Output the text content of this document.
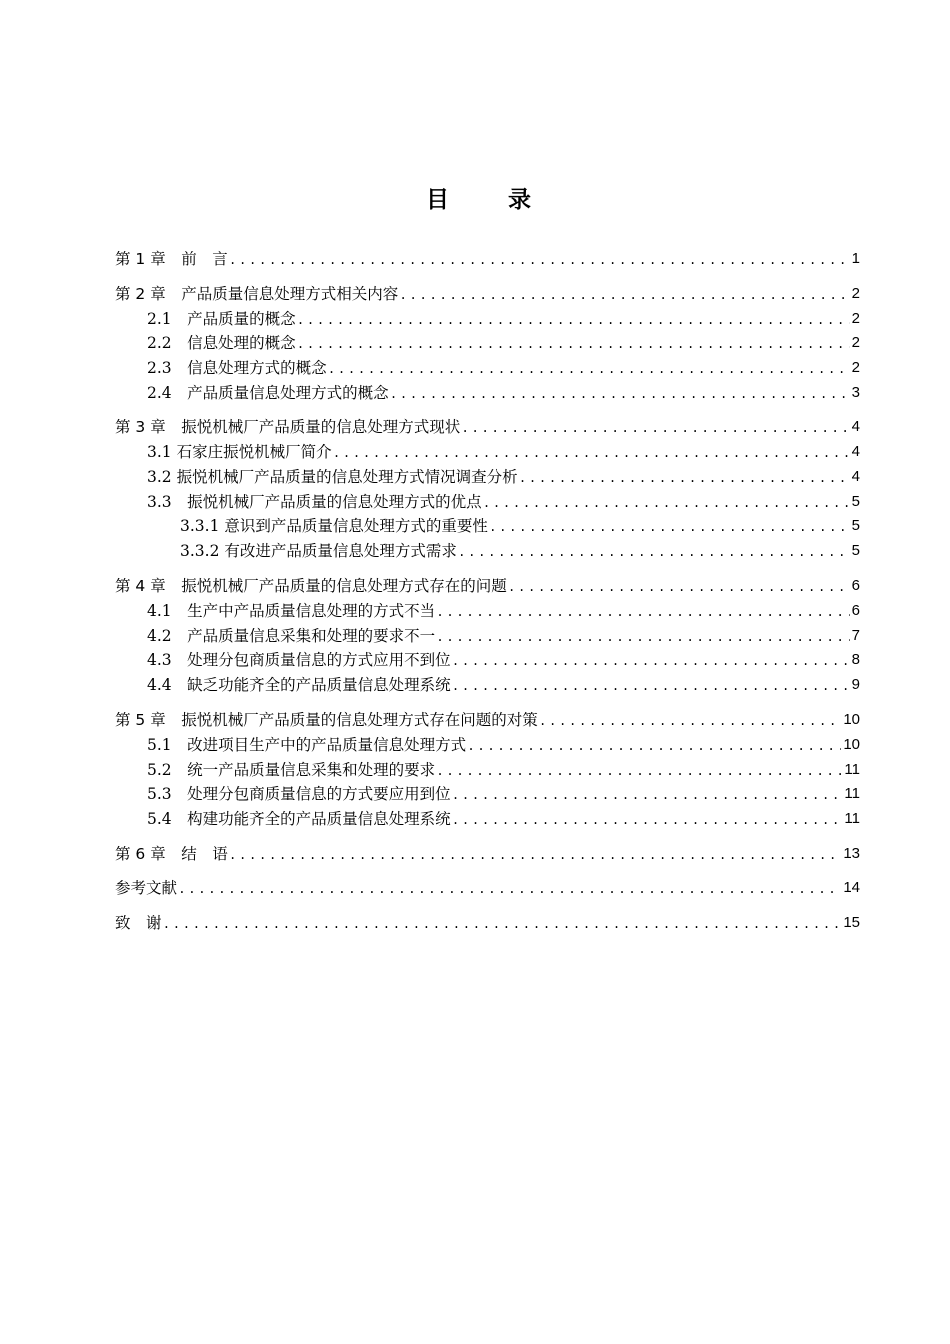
目　录
第 1 章　前　言 .....	1
第 2 章　产品质量信息处理方式相关内容 .....	2
2.1　产品质量的概念 .....	2
2.2　信息处理的概念 .....	2
2.3　信息处理方式的概念 .....	2
2.4　产品质量信息处理方式的概念 .....	3
第 3 章　振悦机械厂产品质量的信息处理方式现状 .....	4
3.1 石家庄振悦机械厂简介 .....	4
3.2 振悦机械厂产品质量的信息处理方式情况调查分析 .....	4
3.3　振悦机械厂产品质量的信息处理方式的优点 .....	5
3.3.1 意识到产品质量信息处理方式的重要性 .....	5
3.3.2 有改进产品质量信息处理方式需求 .....	5
第 4 章　振悦机械厂产品质量的信息处理方式存在的问题 .....	6
4.1　生产中产品质量信息处理的方式不当 .....	6
4.2　产品质量信息采集和处理的要求不一 .....	7
4.3　处理分包商质量信息的方式应用不到位 .....	8
4.4　缺乏功能齐全的产品质量信息处理系统 .....	9
第 5 章　振悦机械厂产品质量的信息处理方式存在问题的对策 .....	10
5.1　改进项目生产中的产品质量信息处理方式 .....	10
5.2　统一产品质量信息采集和处理的要求 .....	11
5.3　处理分包商质量信息的方式要应用到位 .....	11
5.4　构建功能齐全的产品质量信息处理系统 .....	11
第 6 章　结　语 .....	13
参考文献 .....	14
致　谢 .....	15
